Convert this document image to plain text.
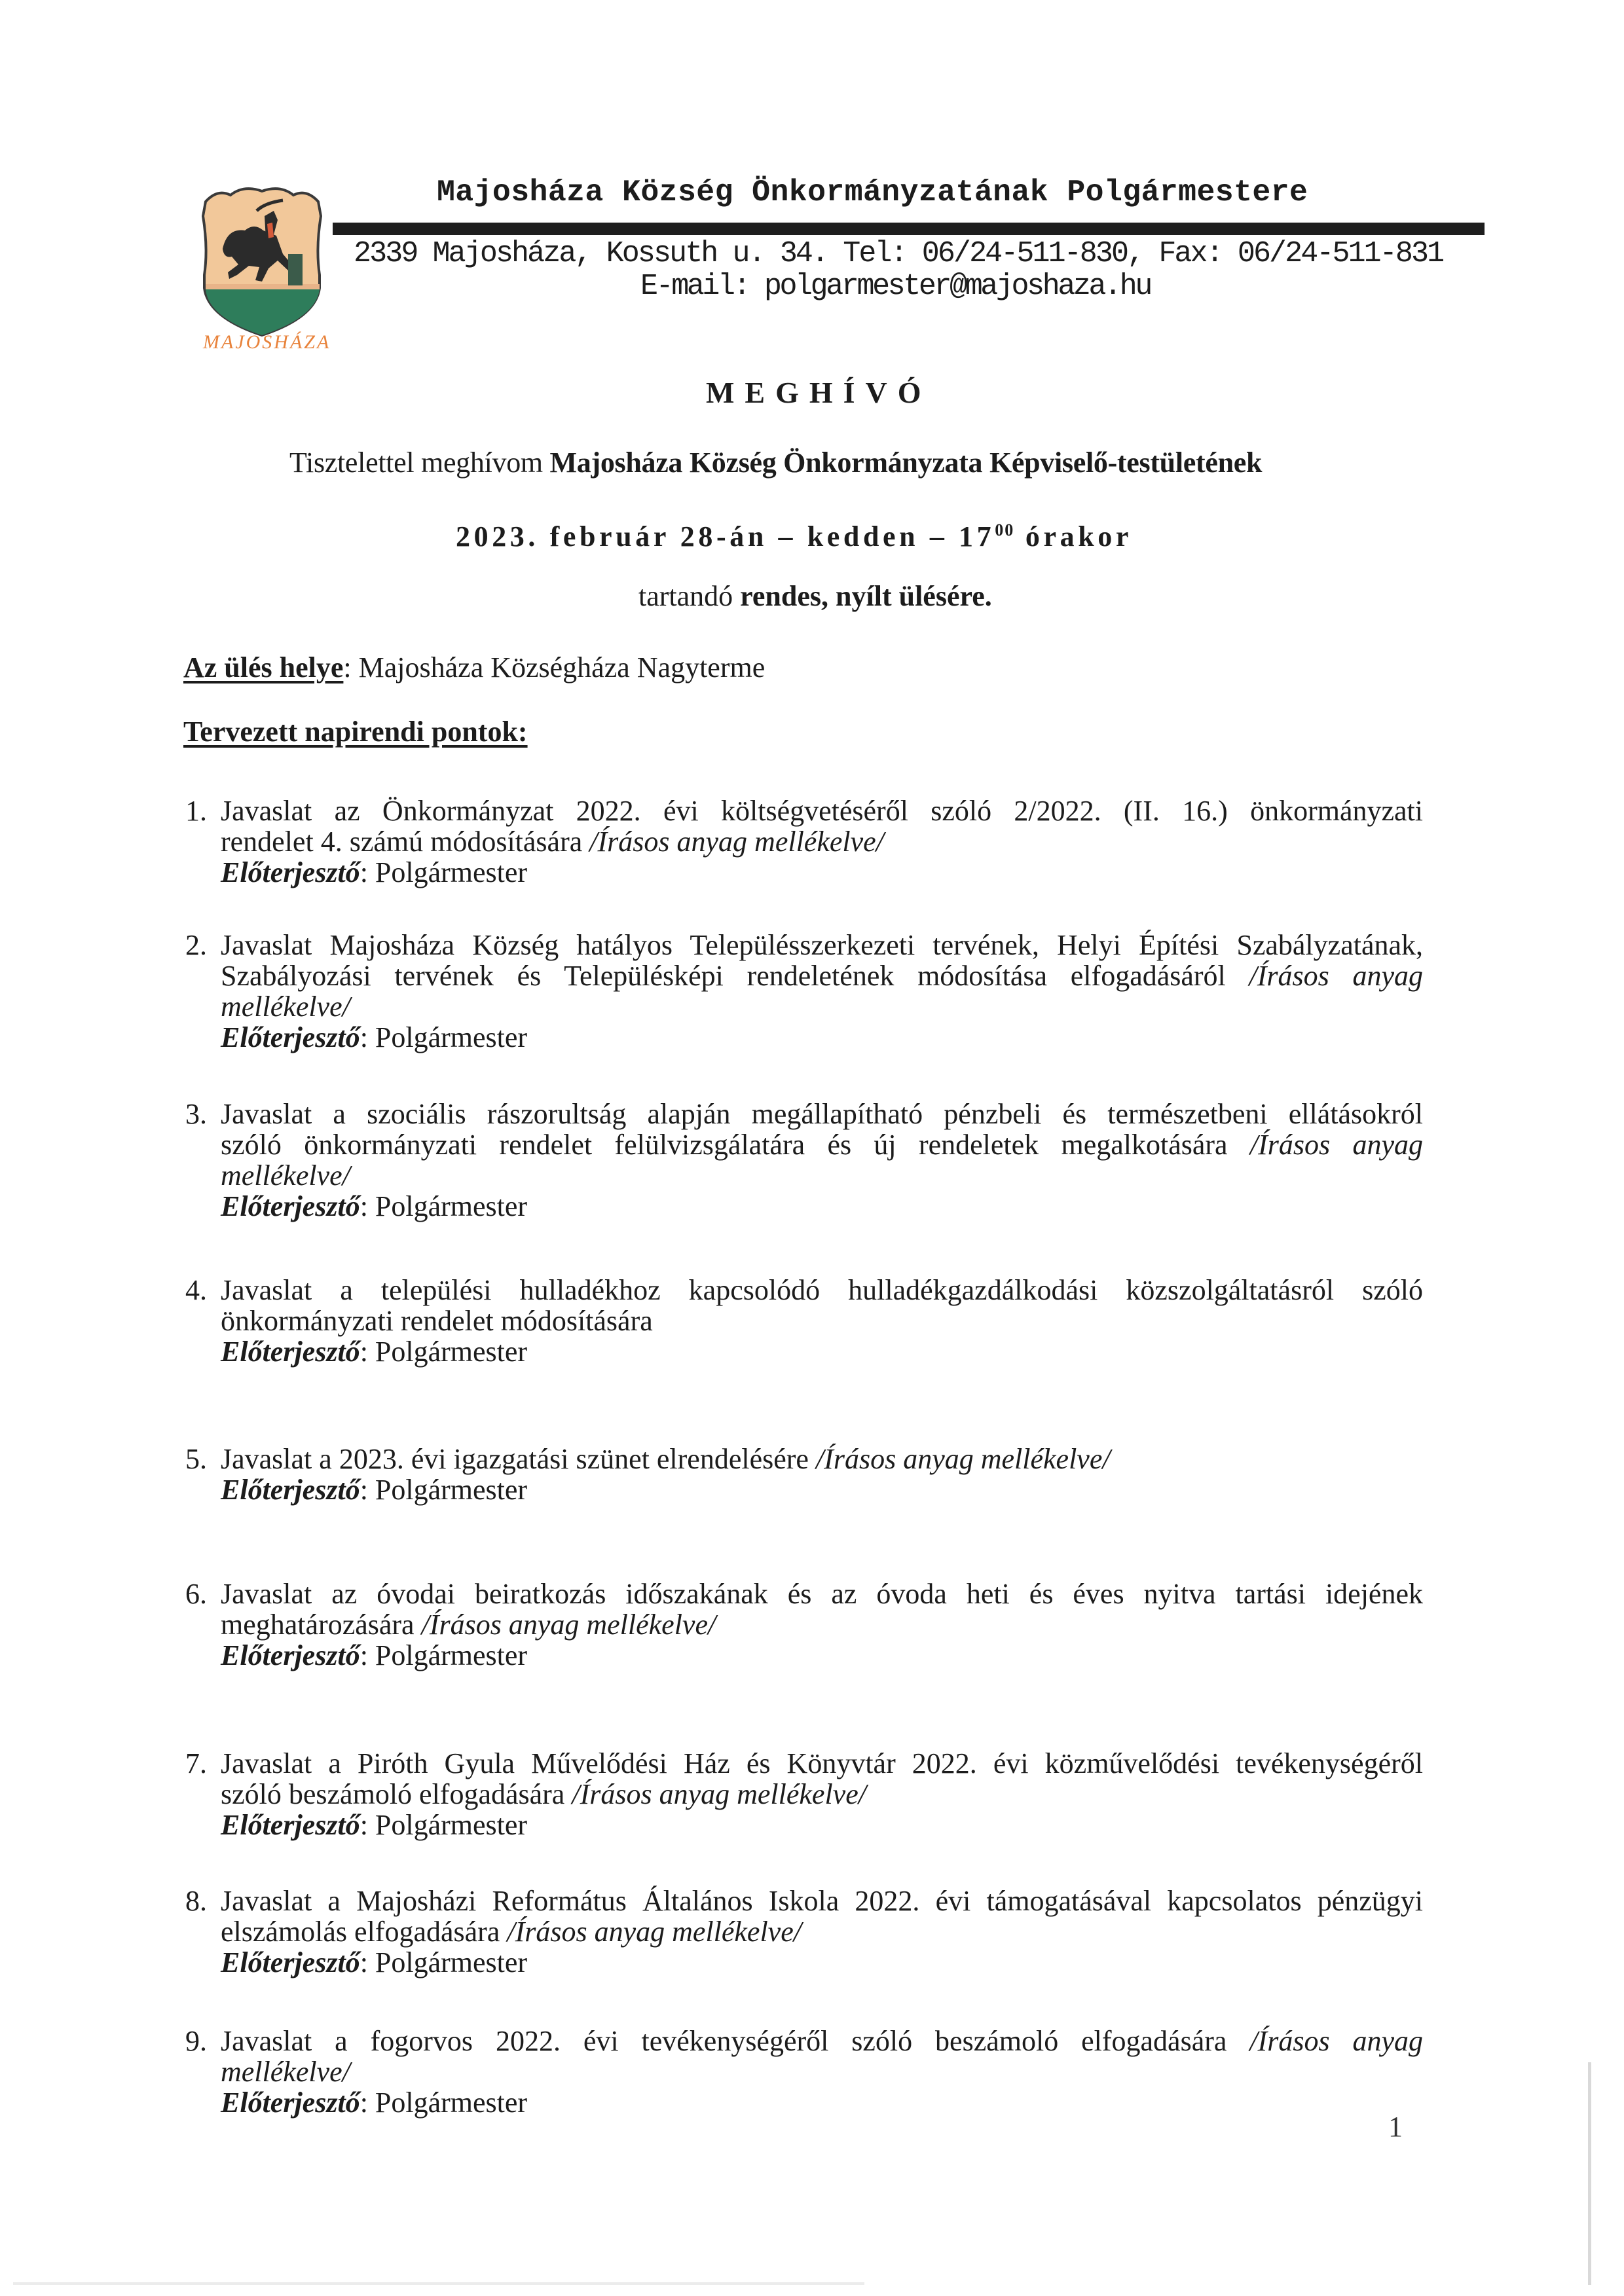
MAJOSHÁZA
Majosháza Község Önkormányzatának Polgármestere
2339 Majosháza, Kossuth u. 34. Tel: 06/24-511-830, Fax: 06/24-511-831
E-mail: polgarmester@majoshaza.hu
MEGHÍVÓ
Tisztelettel meghívom Majosháza Község Önkormányzata Képviselő-testületének
2023. február 28-án – kedden – $17^{00}$ órakor
tartandó rendes, nyílt ülésére.
Az ülés helye: Majosháza Községháza Nagyterme
Tervezett napirendi pontok:
1. Javaslat az Önkormányzat 2022. évi költségvetéséről szóló 2/2022. (II. 16.) önkormányzati
rendelet 4. számú módosítására /Írásos anyag mellékelve/
Előterjesztő: Polgármester
2. Javaslat Majosháza Község hatályos Településszerkezeti tervének, Helyi Építési Szabályzatának,
Szabályozási tervének és Településképi rendeletének módosítása elfogadásáról /Írásos anyag
mellékelve/
Előterjesztő: Polgármester
3. Javaslat a szociális rászorultság alapján megállapítható pénzbeli és természetbeni ellátásokról
szóló önkormányzati rendelet felülvizsgálatára és új rendeletek megalkotására /Írásos anyag
mellékelve/
Előterjesztő: Polgármester
4. Javaslat a települési hulladékhoz kapcsolódó hulladékgazdálkodási közszolgáltatásról szóló
önkormányzati rendelet módosítására
Előterjesztő: Polgármester
5. Javaslat a 2023. évi igazgatási szünet elrendelésére /Írásos anyag mellékelve/
Előterjesztő: Polgármester
6. Javaslat az óvodai beiratkozás időszakának és az óvoda heti és éves nyitva tartási idejének
meghatározására /Írásos anyag mellékelve/
Előterjesztő: Polgármester
7. Javaslat a Piróth Gyula Művelődési Ház és Könyvtár 2022. évi közművelődési tevékenységéről
szóló beszámoló elfogadására /Írásos anyag mellékelve/
Előterjesztő: Polgármester
8. Javaslat a Majosházi Református Általános Iskola 2022. évi támogatásával kapcsolatos pénzügyi
elszámolás elfogadására /Írásos anyag mellékelve/
Előterjesztő: Polgármester
9. Javaslat a fogorvos 2022. évi tevékenységéről szóló beszámoló elfogadására /Írásos anyag
mellékelve/
Előterjesztő: Polgármester
1
